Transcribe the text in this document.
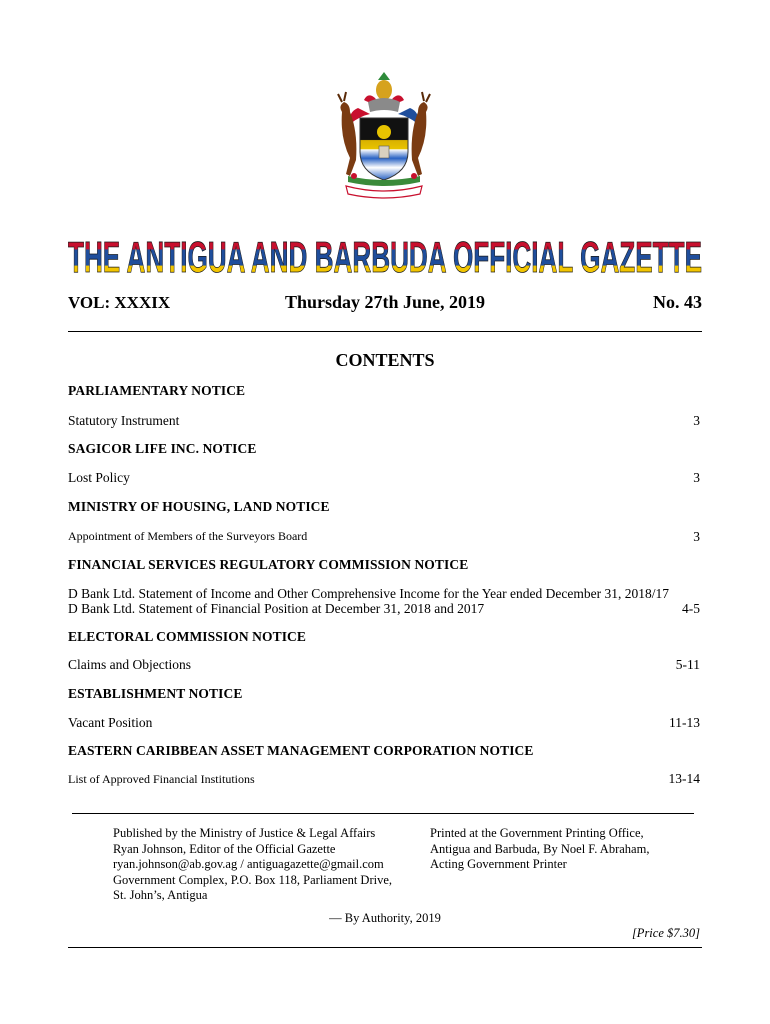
THE ANTIGUA AND BARBUDA OFFICIAL GAZETTE
VOL: XXXIX	Thursday 27th June, 2019	No. 43
CONTENTS
PARLIAMENTARY NOTICE
Statutory Instrument	3
SAGICOR LIFE INC. NOTICE
Lost Policy	3
MINISTRY OF HOUSING, LAND NOTICE
Appointment of Members of the Surveyors Board	3
FINANCIAL SERVICES REGULATORY COMMISSION NOTICE
D Bank Ltd. Statement of Income and Other Comprehensive Income for the Year ended December 31, 2018/17
D Bank Ltd. Statement of Financial Position at December 31, 2018 and 2017	4-5
ELECTORAL COMMISSION NOTICE
Claims and Objections	5-11
ESTABLISHMENT NOTICE
Vacant Position	11-13
EASTERN CARIBBEAN ASSET MANAGEMENT CORPORATION NOTICE
List of Approved Financial Institutions	13-14
Published by the Ministry of Justice & Legal Affairs
Ryan Johnson, Editor of the Official Gazette
ryan.johnson@ab.gov.ag / antiguagazette@gmail.com
Government Complex, P.O. Box 118, Parliament Drive,
St. John’s, Antigua
Printed at the Government Printing Office,
Antigua and Barbuda, By Noel F. Abraham,
Acting Government Printer
— By Authority, 2019
[Price $7.30]
